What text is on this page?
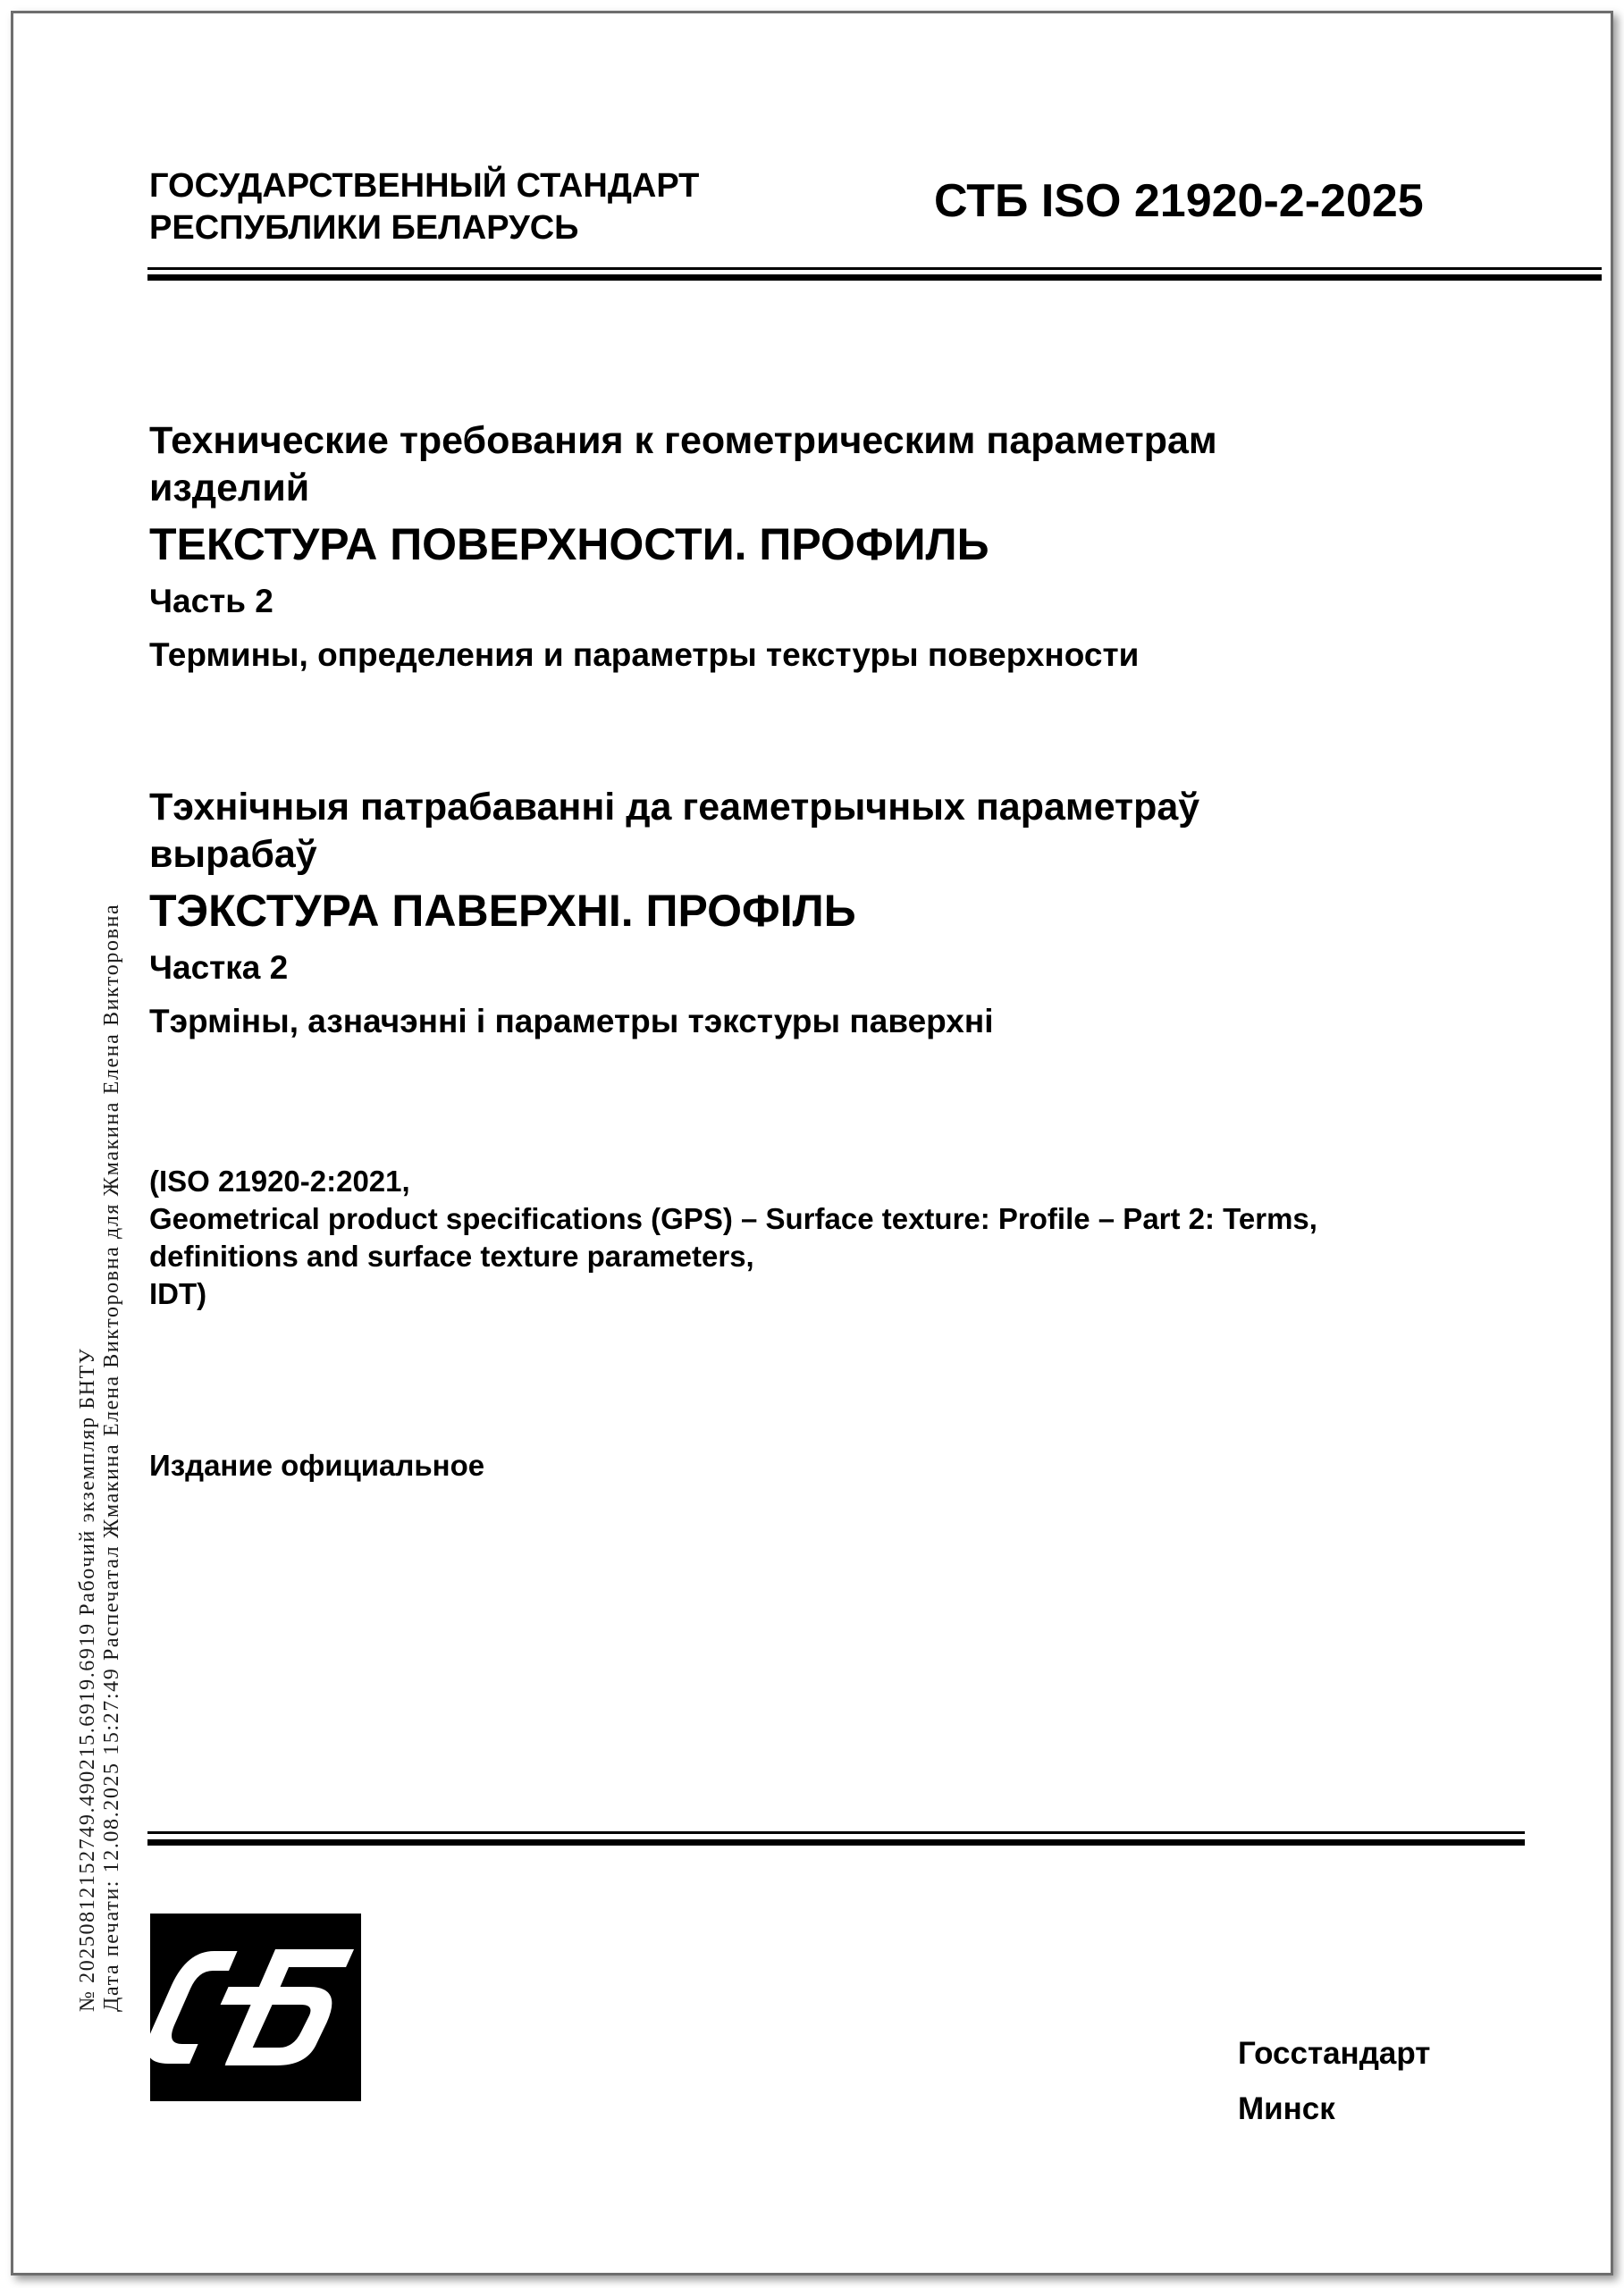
ГОСУДАРСТВЕННЫЙ СТАНДАРТ
РЕСПУБЛИКИ БЕЛАРУСЬ
СТБ ISO 21920-2-2025
Технические требования к геометрическим параметрам
изделий
ТЕКСТУРА ПОВЕРХНОСТИ. ПРОФИЛЬ
Часть 2
Термины, определения и параметры текстуры поверхности
Тэхнічныя патрабаванні да геаметрычных параметраў
вырабаў
ТЭКСТУРА ПАВЕРХНІ. ПРОФІЛЬ
Частка 2
Тэрміны, азначэнні і параметры тэкстуры паверхні
(ISO 21920-2:2021,
Geometrical product specifications (GPS) – Surface texture: Profile – Part 2: Terms,
definitions and surface texture parameters,
IDT)
Издание официальное
№ 20250812152749.490215.6919.6919 Рабочий экземпляр БНТУ Дата печати: 12.08.2025 15:27:49 Распечатал Жмакина Елена Викторовна для Жмакина Елена Викторовна
Госстандарт
Минск
